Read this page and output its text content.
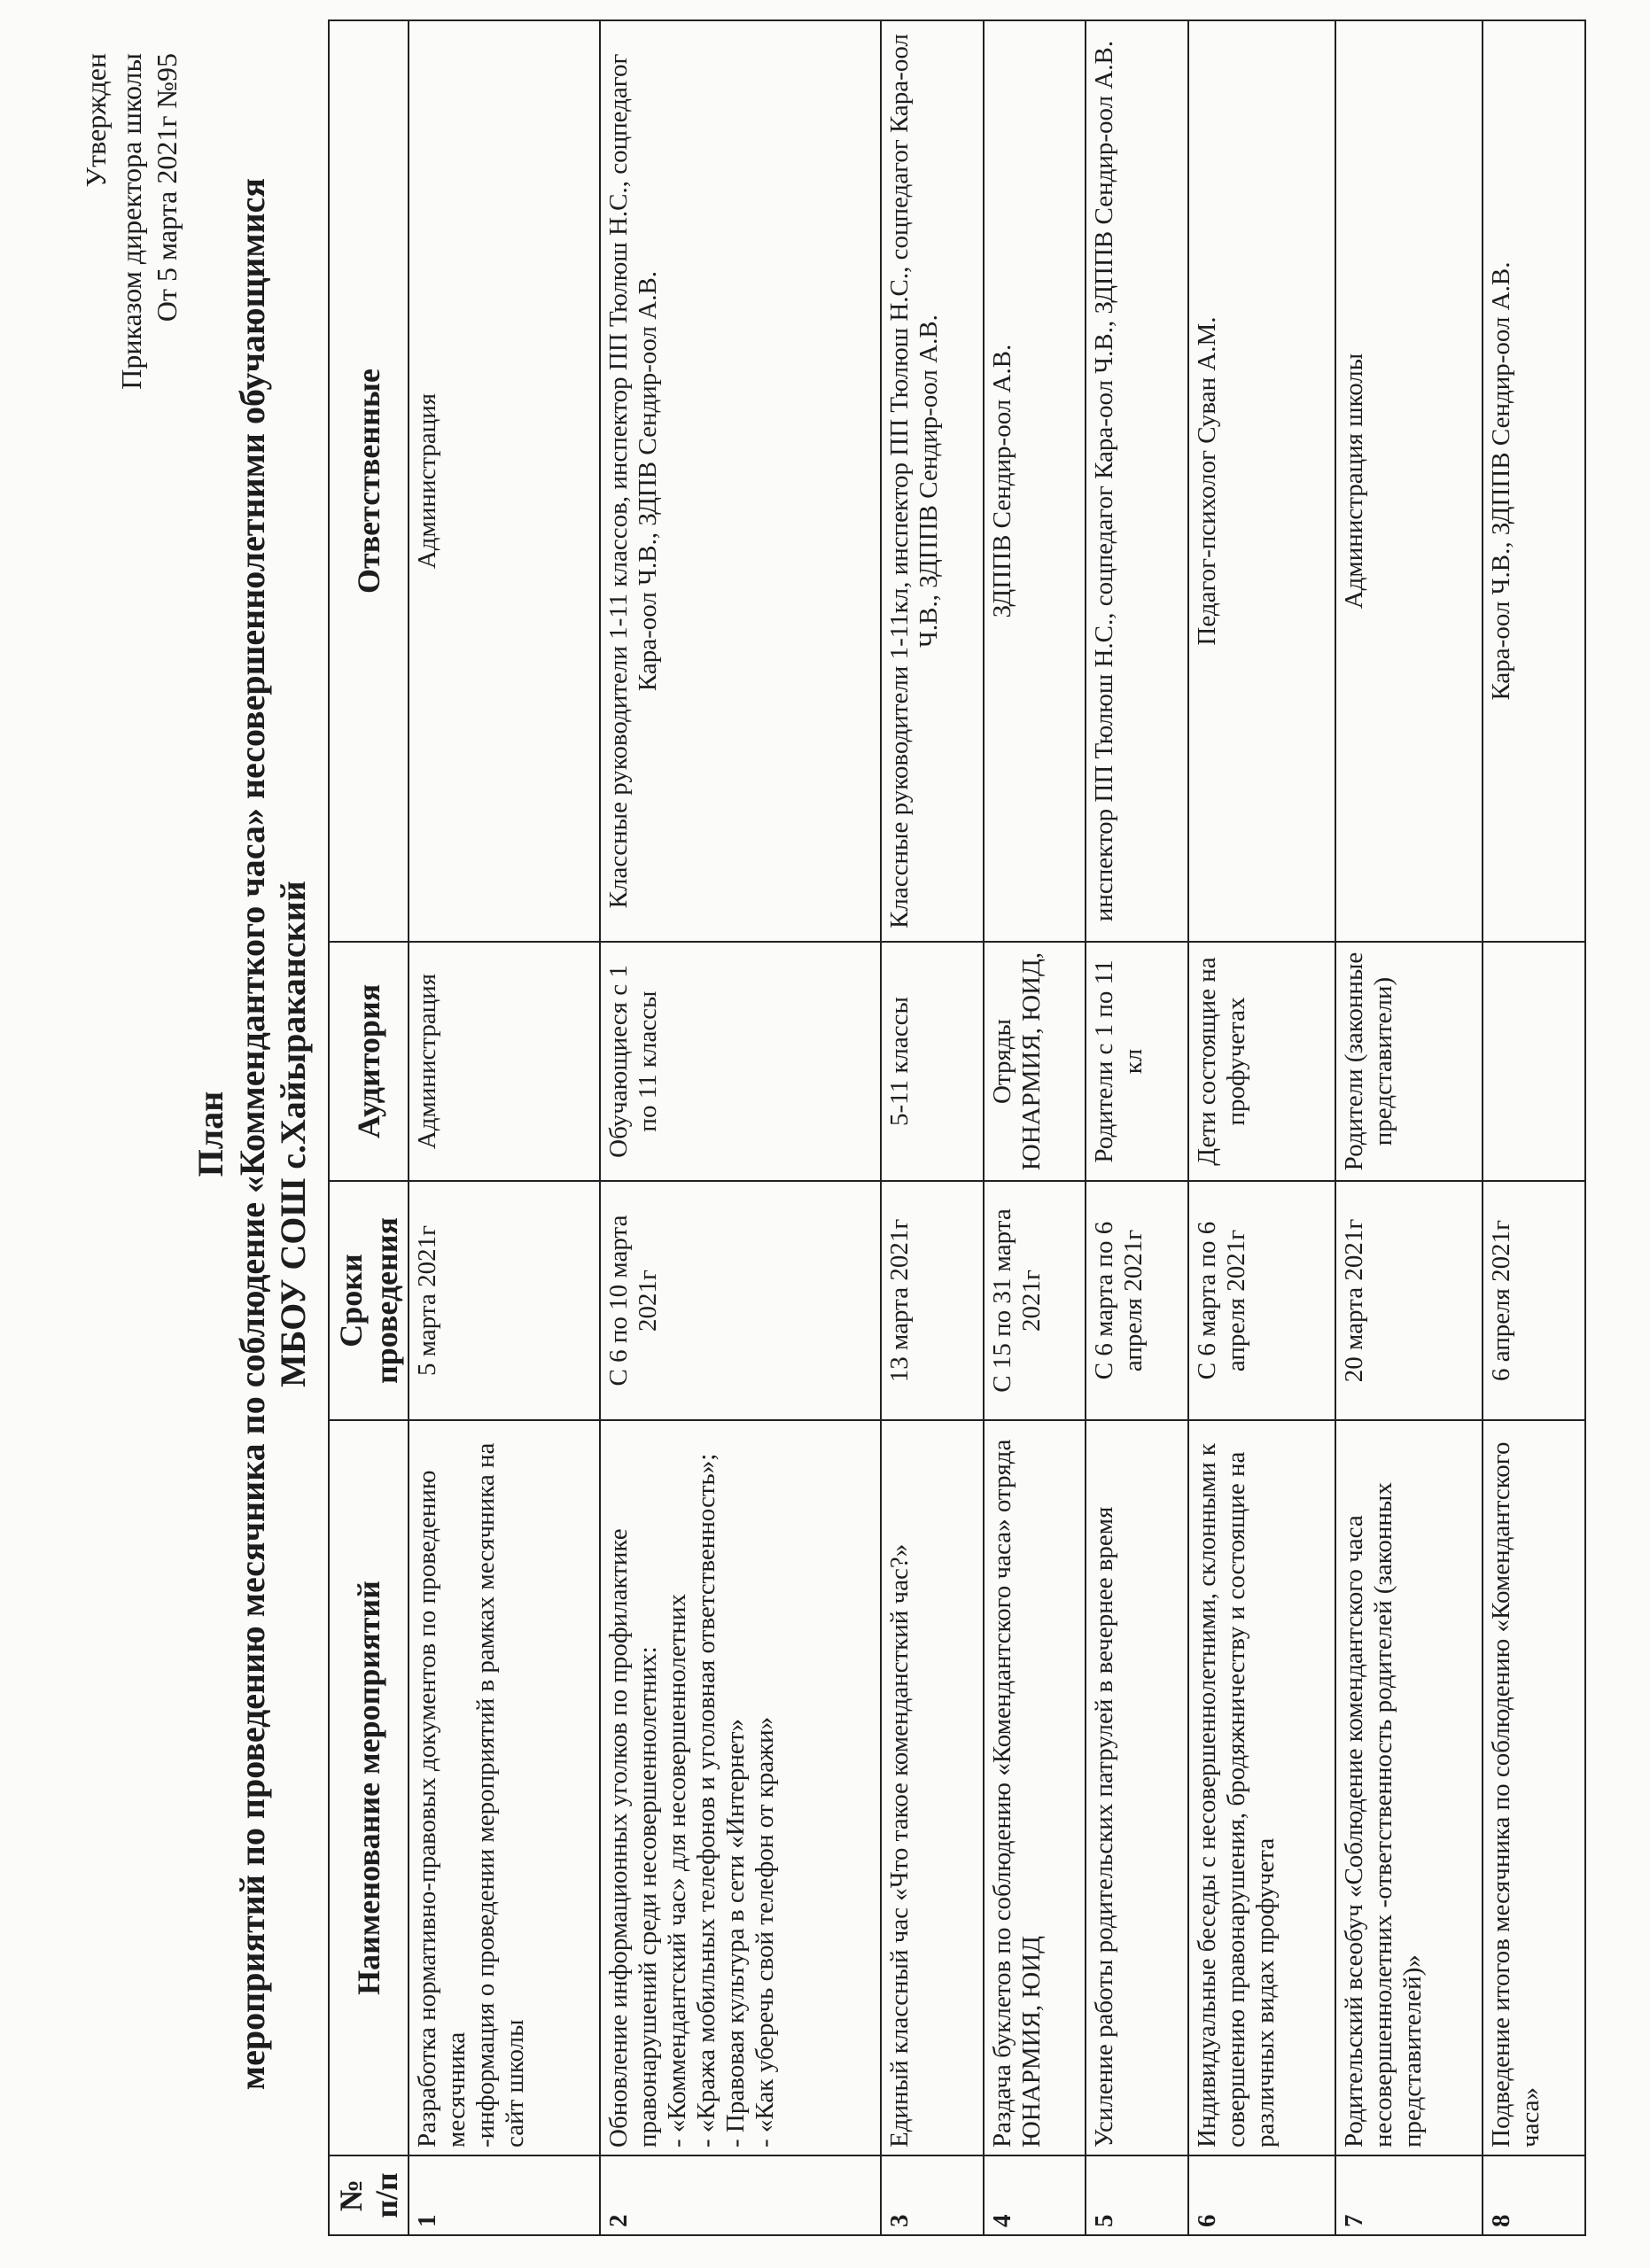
Утвержден Приказом директора школы От 5 марта 2021г №95
План мероприятий по проведению месячника по соблюдение «Комменданткого часа» несовершеннолетними обучающимися МБОУ СОШ с.Хайыраканский
№ п/п	Наименование мероприятий	Сроки проведения	Аудитория	Ответственные
1	Разработка нормативно-правовых документов по проведению месячника -информация о проведении мероприятий в рамках месячника на сайт школы	5 марта 2021г	Администрация	Администрация
2	Обновление информационных уголков по профилактике правонарушений среди несовершеннолетних: - «Коммендантский час» для несовершеннолетних - «Кража мобильных телефонов и уголовная ответственность»; - Правовая культура в сети «Интернет» - «Как уберечь свой телефон от кражи»	С 6 по 10 марта 2021г	Обучающиеся с 1 по 11 классы	Классные руководители 1-11 классов, инспектор ПП Тюлюш Н.С., соцпедагог Кара-оол Ч.В., ЗДПВ Сендир-оол А.В.
3	Единый классный час «Что такое комендансткий час?»	13 марта 2021г	5-11 классы	Классные руководители 1-11кл, инспектор ПП Тюлюш Н.С., соцпедагог Кара-оол Ч.В., ЗДППВ Сендир-оол А.В.
4	Раздача буклетов по соблюдению «Комендантского часа» отряда ЮНАРМИЯ, ЮИД	С 15 по 31 марта 2021г	Отряды ЮНАРМИЯ, ЮИД,	ЗДППВ Сендир-оол А.В.
5	Усиление работы родительских патрулей в вечернее время	С 6 марта по 6 апреля 2021г	Родители с 1 по 11 кл	инспектор ПП Тюлюш Н.С., соцпедагог Кара-оол Ч.В., ЗДППВ Сендир-оол А.В.
6	Индивидуальные беседы с несовершеннолетними, склонными к совершению правонарушения, бродяжничеству и состоящие на различных видах профучета	С 6 марта по 6 апреля 2021г	Дети состоящие на профучетах	Педагог-психолог Суван А.М.
7	Родительский всеобуч «Соблюдение комендантского часа несовершеннолетних -ответственность родителей (законных представителей)»	20 марта 2021г	Родители (законные представители)	Администрация школы
8	Подведение итогов месячника по соблюдению «Комендантского часа»	6 апреля 2021г		Кара-оол Ч.В., ЗДППВ Сендир-оол А.В.
